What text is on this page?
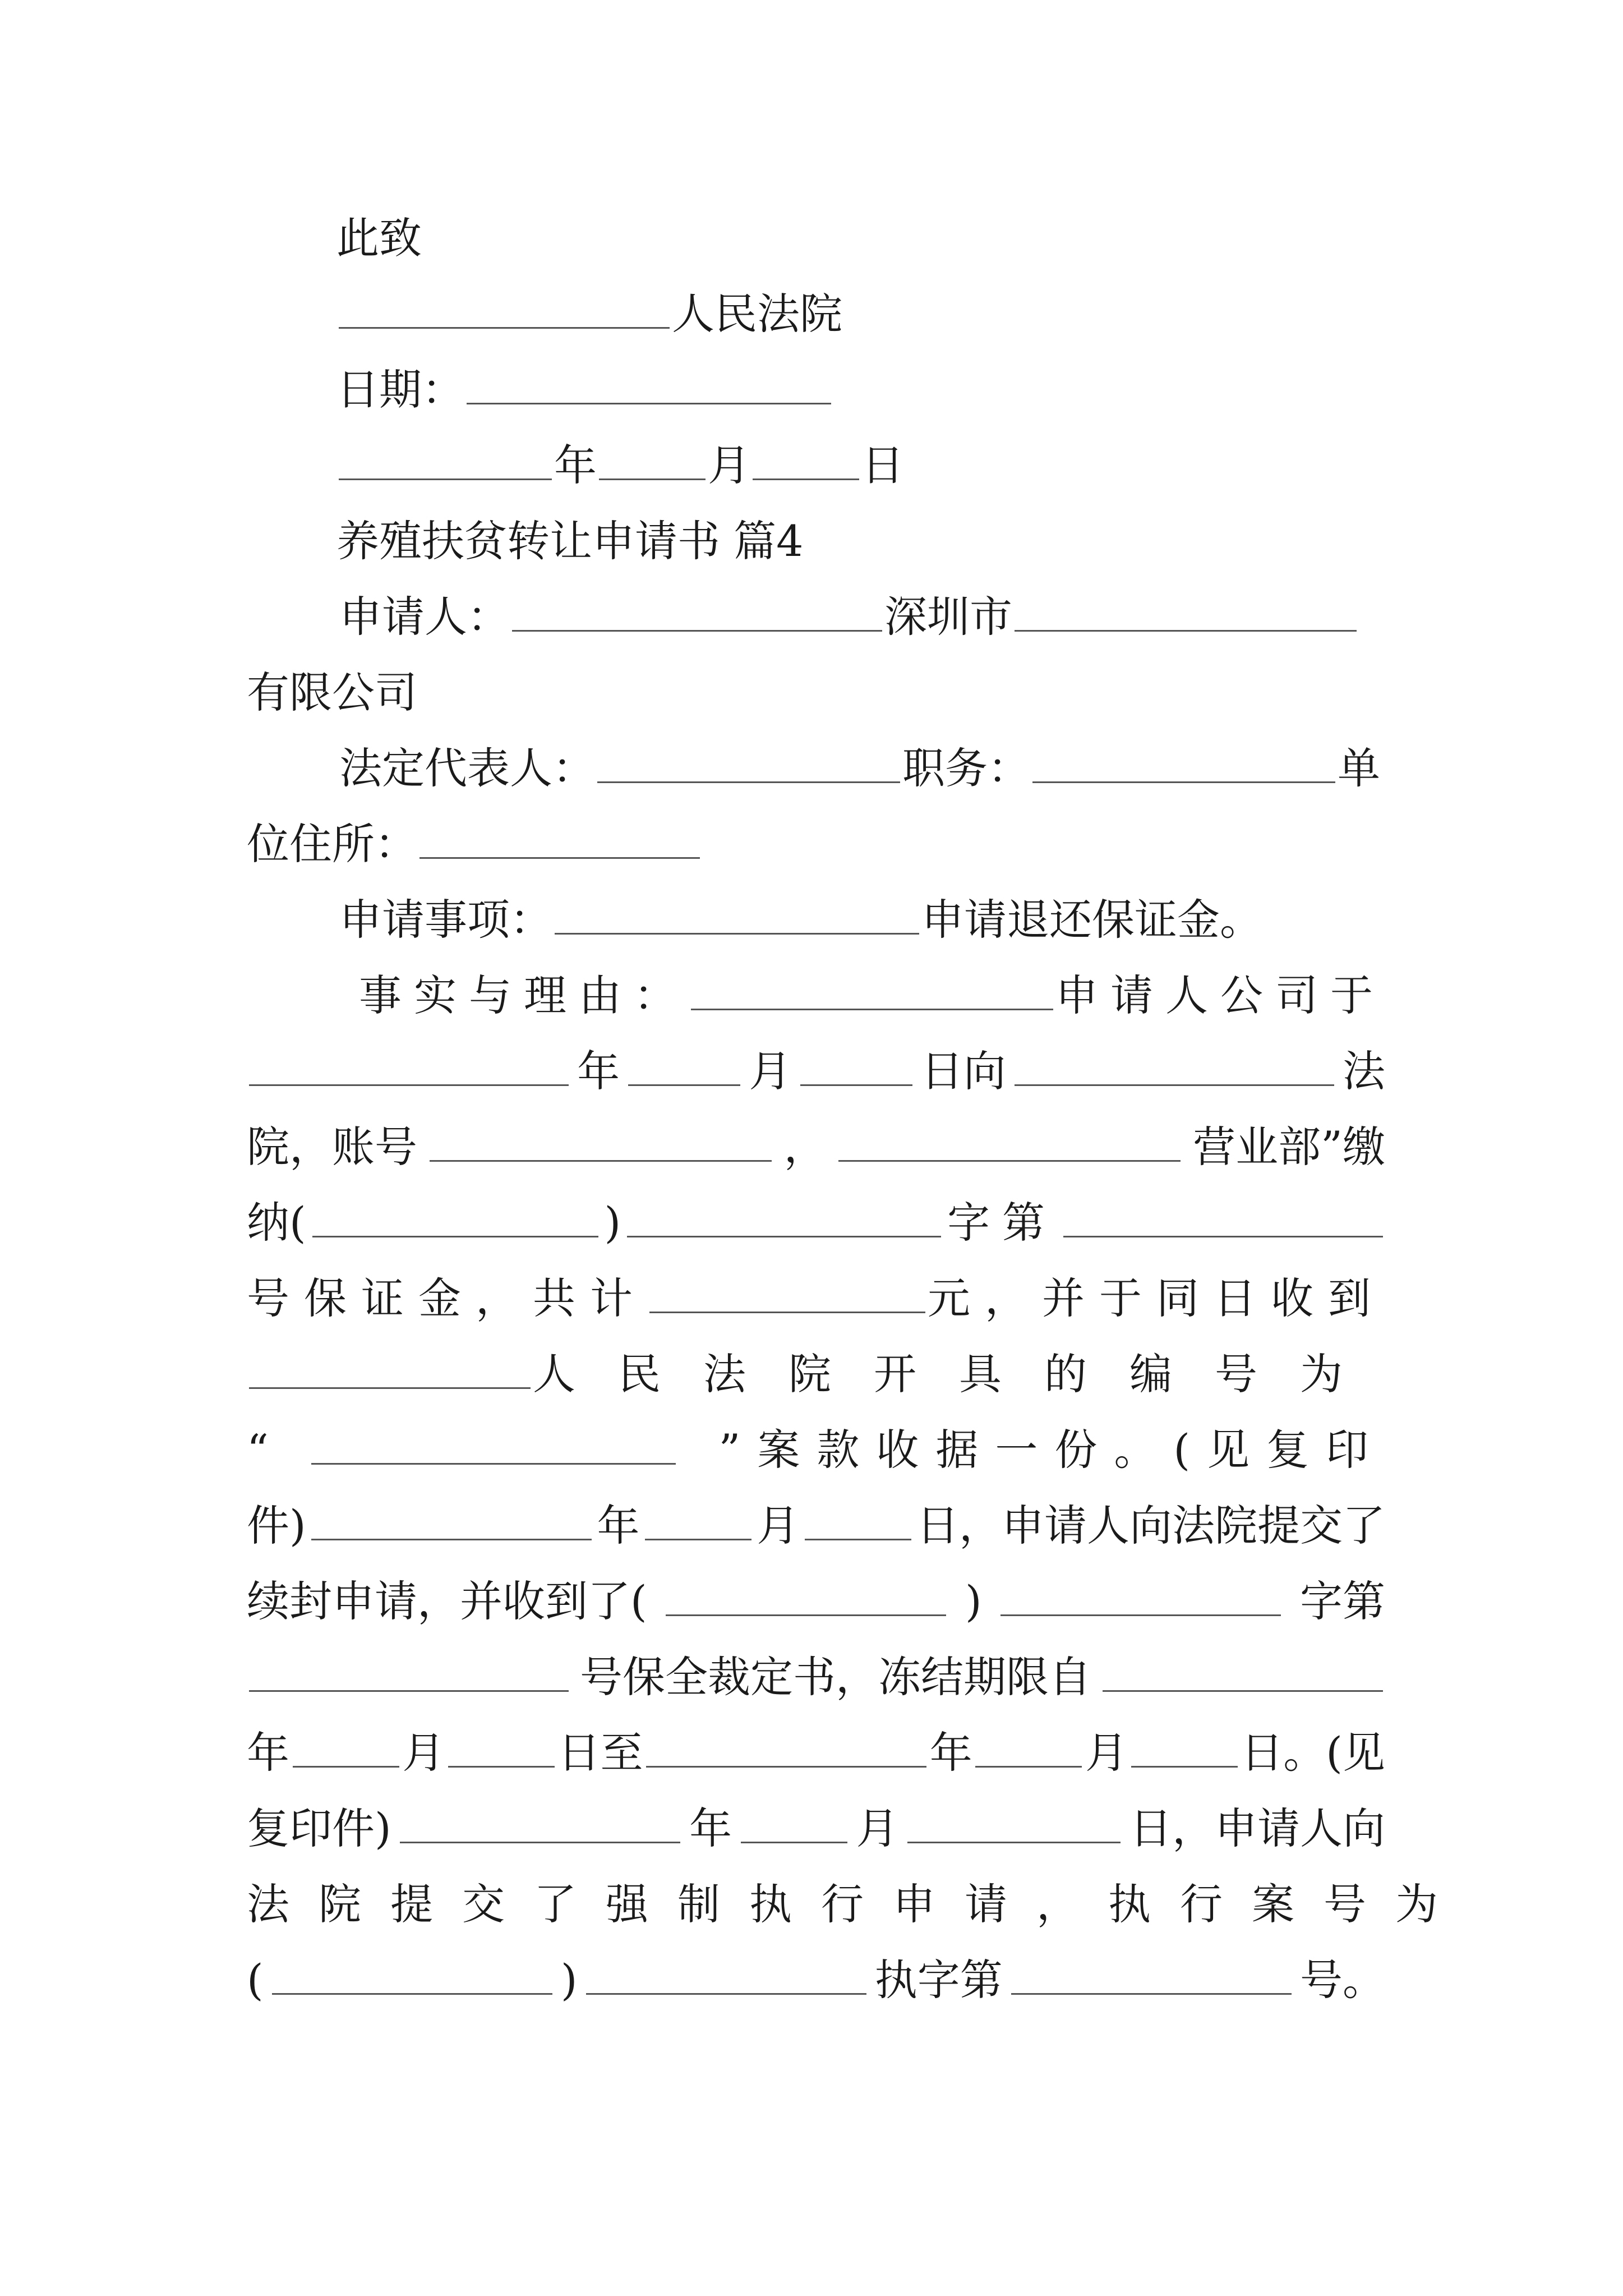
此致
人民法院
日期：
年	月	日
养殖扶贫转让申请书 篇4
申请人：	深圳市
有限公司
法定代表人：	职务：	单
位住所：
申请事项：	申请退还保证金。
事实与理由：	申请人公司于
年	月	日向	法
院，账号	，	营业部”缴
纳(	)	字第
号保证金，共计	元，并于同日收到
人民法院开具的编号为
“	”案款收据一份。(见复印
件)	年	月	日，申请人向法院提交了
续封申请，并收到了(	)	字第
号保全裁定书，冻结期限自
年	月	日至	年	月	日。(见
复印件)	年	月	日，申请人向
法院提交了强制执行申请，执行案号为
(	)	执字第	号。
